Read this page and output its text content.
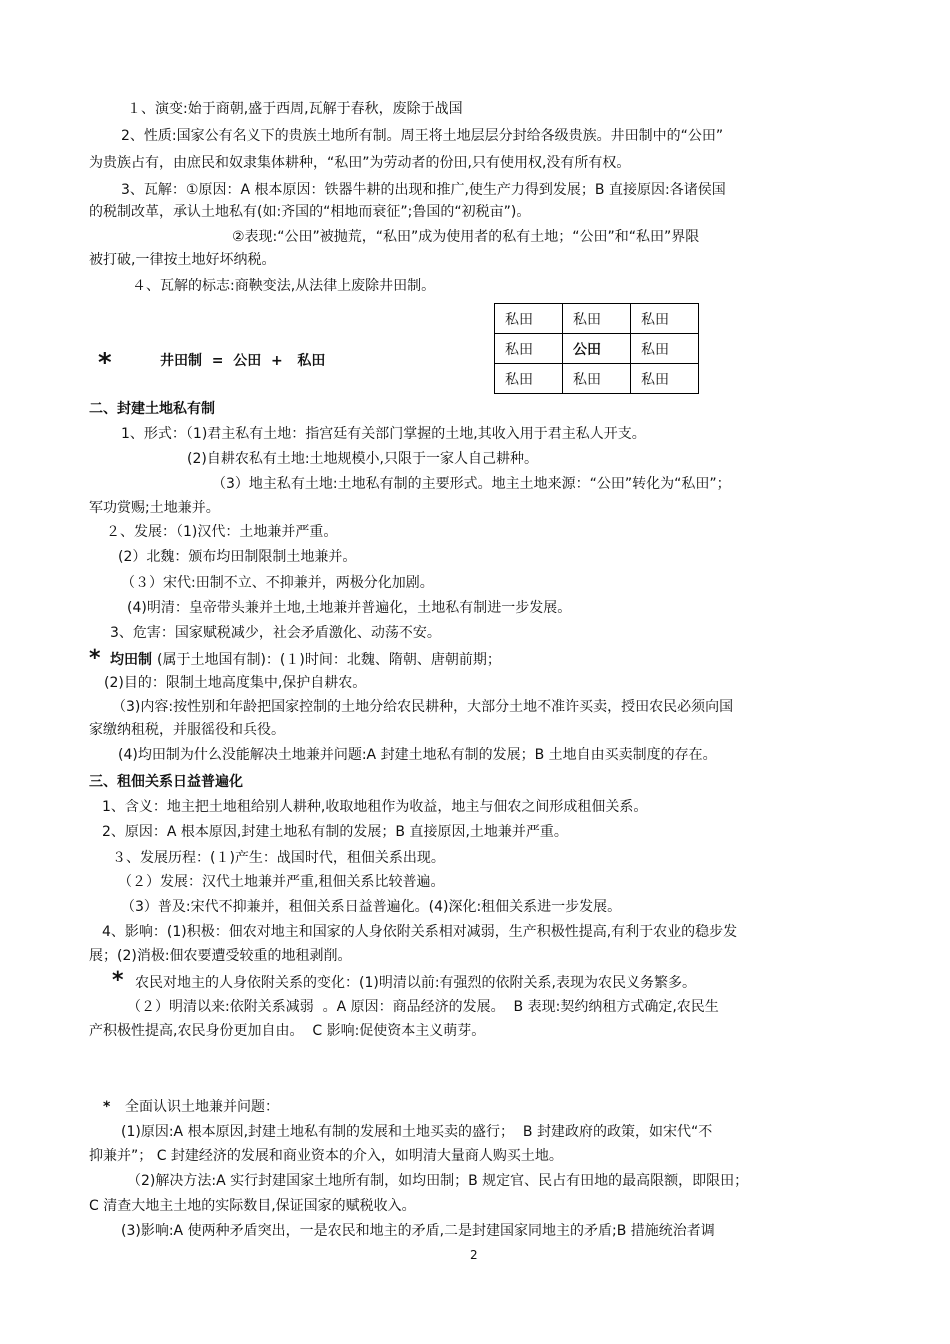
１、演变:始于商朝,盛于西周,瓦解于春秋，废除于战国
2、性质:国家公有名义下的贵族土地所有制。周王将土地层层分封给各级贵族。井田制中的“公田”
为贵族占有，由庶民和奴隶集体耕种，“私田”为劳动者的份田,只有使用权,没有所有权。
3、瓦解：①原因：A 根本原因：铁器牛耕的出现和推广,使生产力得到发展；B 直接原因:各诸侯国
的税制改革，承认土地私有(如:齐国的“相地而衰征”;鲁国的“初税亩”)。
②表现:“公田”被抛荒，“私田”成为使用者的私有土地；“公田”和“私田”界限
被打破,一律按土地好坏纳税。
４、瓦解的标志:商鞅变法,从法律上废除井田制。
*	井田制  =  公田  +   私田
私田	私田	私田
私田	公田	私田
私田	私田	私田
二、封建土地私有制
1、形式：（1)君主私有土地：指宫廷有关部门掌握的土地,其收入用于君主私人开支。
(2)自耕农私有土地:土地规模小,只限于一家人自己耕种。
（3）地主私有土地:土地私有制的主要形式。地主土地来源：“公田”转化为“私田”；
军功赏赐;土地兼并。
２、发展：（1)汉代：土地兼并严重。
(2）北魏：颁布均田制限制土地兼并。
（３）宋代:田制不立、不抑兼并，两极分化加剧。
(4)明清：皇帝带头兼并土地,土地兼并普遍化，土地私有制进一步发展。
3、危害：国家赋税减少，社会矛盾激化、动荡不安。
* 均田制 (属于土地国有制)：(１)时间：北魏、隋朝、唐朝前期；
(2)目的：限制土地高度集中,保护自耕农。
（3)内容:按性别和年龄把国家控制的土地分给农民耕种，大部分土地不准许买卖，授田农民必须向国
家缴纳租税，并服徭役和兵役。
(4)均田制为什么没能解决土地兼并问题:A 封建土地私有制的发展；B 土地自由买卖制度的存在。
三、租佃关系日益普遍化
1、含义：地主把土地租给别人耕种,收取地租作为收益，地主与佃农之间形成租佃关系。
2、原因：A 根本原因,封建土地私有制的发展；B 直接原因,土地兼并严重。
３、发展历程：(１)产生：战国时代，租佃关系出现。
（２）发展：汉代土地兼并严重,租佃关系比较普遍。
（3）普及:宋代不抑兼并，租佃关系日益普遍化。(4)深化:租佃关系进一步发展。
4、影响：(1)积极：佃农对地主和国家的人身依附关系相对减弱，生产积极性提高,有利于农业的稳步发
展；(2)消极:佃农要遭受较重的地租剥削。
* 农民对地主的人身依附关系的变化：(1)明清以前:有强烈的依附关系,表现为农民义务繁多。
（２）明清以来:依附关系减弱  。A 原因：商品经济的发展。  B 表现:契约纳租方式确定,农民生
产积极性提高,农民身份更加自由。  C 影响:促使资本主义萌芽。
* 全面认识土地兼并问题：
(1)原因:A 根本原因,封建土地私有制的发展和土地买卖的盛行；  B 封建政府的政策，如宋代“不
抑兼并”； C 封建经济的发展和商业资本的介入，如明清大量商人购买土地。
（2)解决方法:A 实行封建国家土地所有制，如均田制；B 规定官、民占有田地的最高限额，即限田；
C 清查大地主土地的实际数目,保证国家的赋税收入。
(3)影响:A 使两种矛盾突出，一是农民和地主的矛盾,二是封建国家同地主的矛盾;B 措施统治者调
2
